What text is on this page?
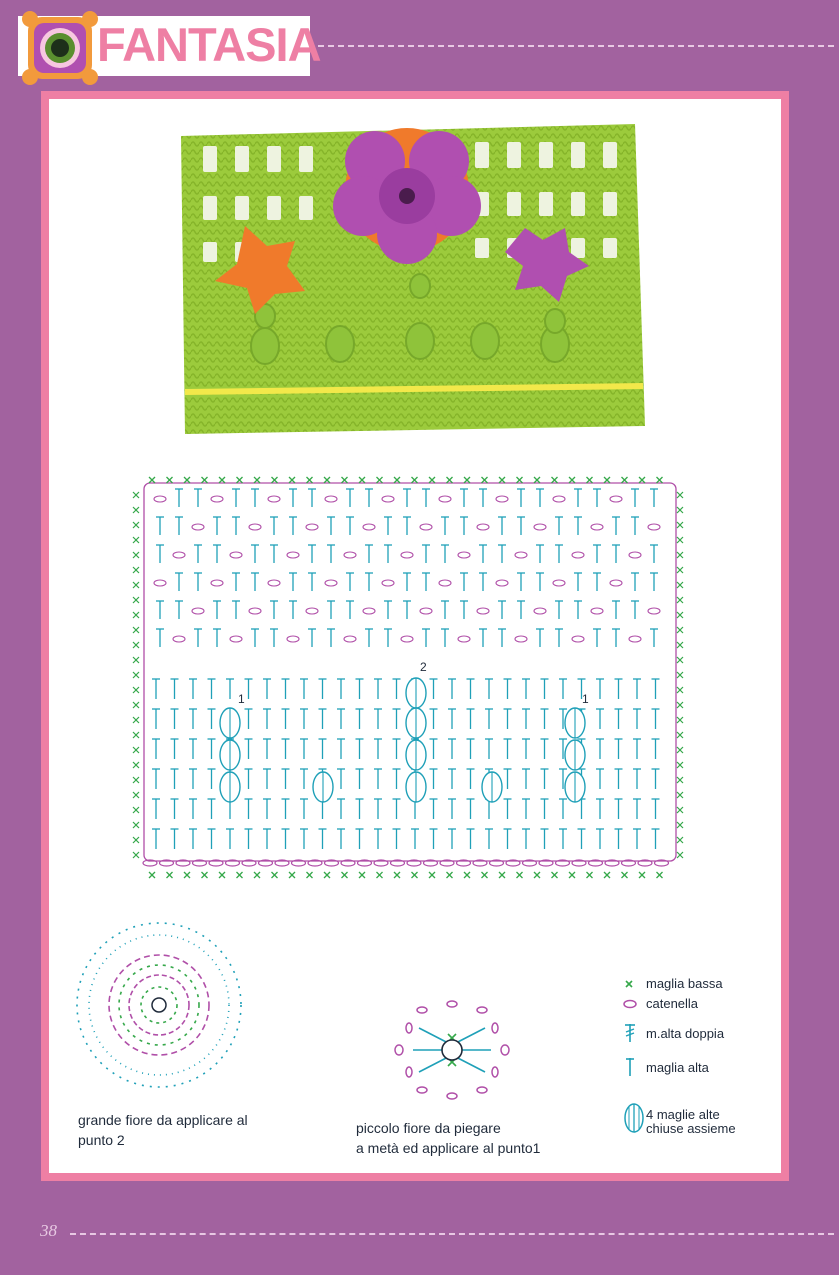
FANTASIA
1	1
2
grande fiore da applicare al
punto 2
piccolo fiore da piegare
a metà ed applicare al punto1
maglia bassa
catenella
m.alta doppia
maglia alta
4 maglie alte
chiuse assieme
38
